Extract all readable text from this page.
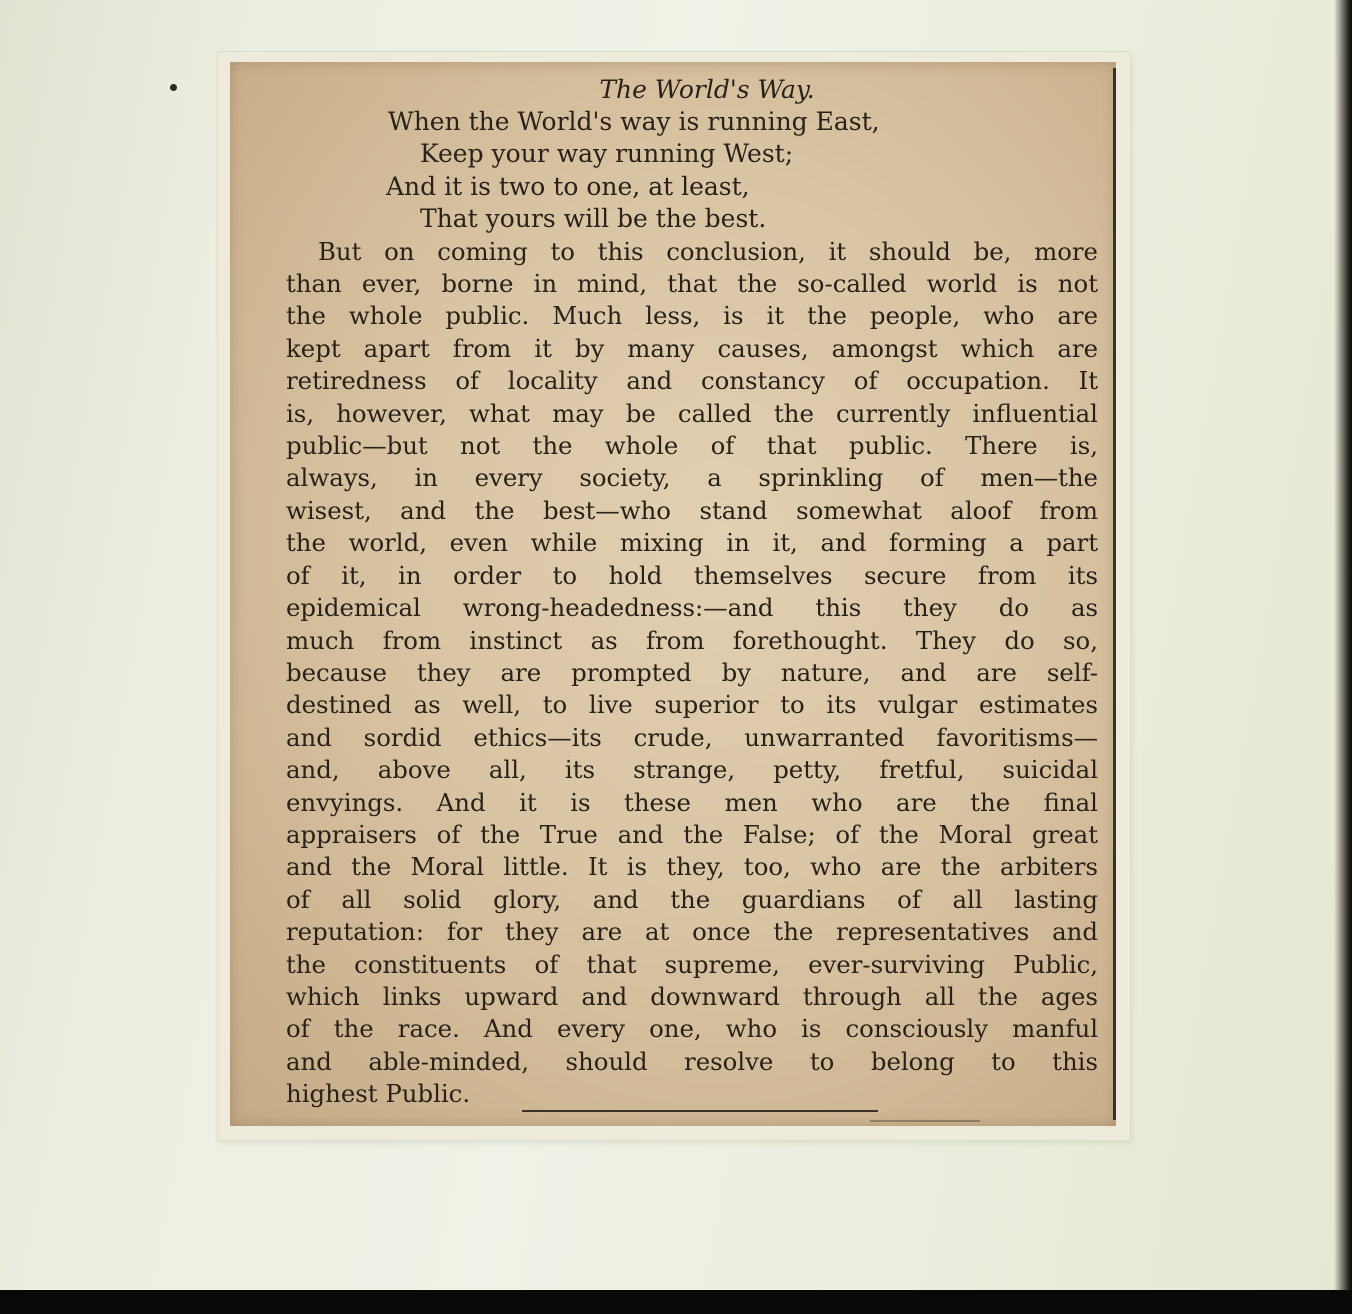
The World's Way.
When the World's way is running East,
Keep your way running West;
And it is two to one, at least,
That yours will be the best.
But on coming to this conclusion, it should be, more
than ever, borne in mind, that the so-called world is not
the whole public. Much less, is it the people, who are
kept apart from it by many causes, amongst which are
retiredness of locality and constancy of occupation. It
is, however, what may be called the currently influential
public—but not the whole of that public. There is,
always, in every society, a sprinkling of men—the
wisest, and the best—who stand somewhat aloof from
the world, even while mixing in it, and forming a part
of it, in order to hold themselves secure from its
epidemical wrong-headedness:—and this they do as
much from instinct as from forethought. They do so,
because they are prompted by nature, and are self-
destined as well, to live superior to its vulgar estimates
and sordid ethics—its crude, unwarranted favoritisms—
and, above all, its strange, petty, fretful, suicidal
envyings. And it is these men who are the final
appraisers of the True and the False; of the Moral great
and the Moral little. It is they, too, who are the arbiters
of all solid glory, and the guardians of all lasting
reputation: for they are at once the representatives and
the constituents of that supreme, ever-surviving Public,
which links upward and downward through all the ages
of the race. And every one, who is consciously manful
and able-minded, should resolve to belong to this
highest Public.
